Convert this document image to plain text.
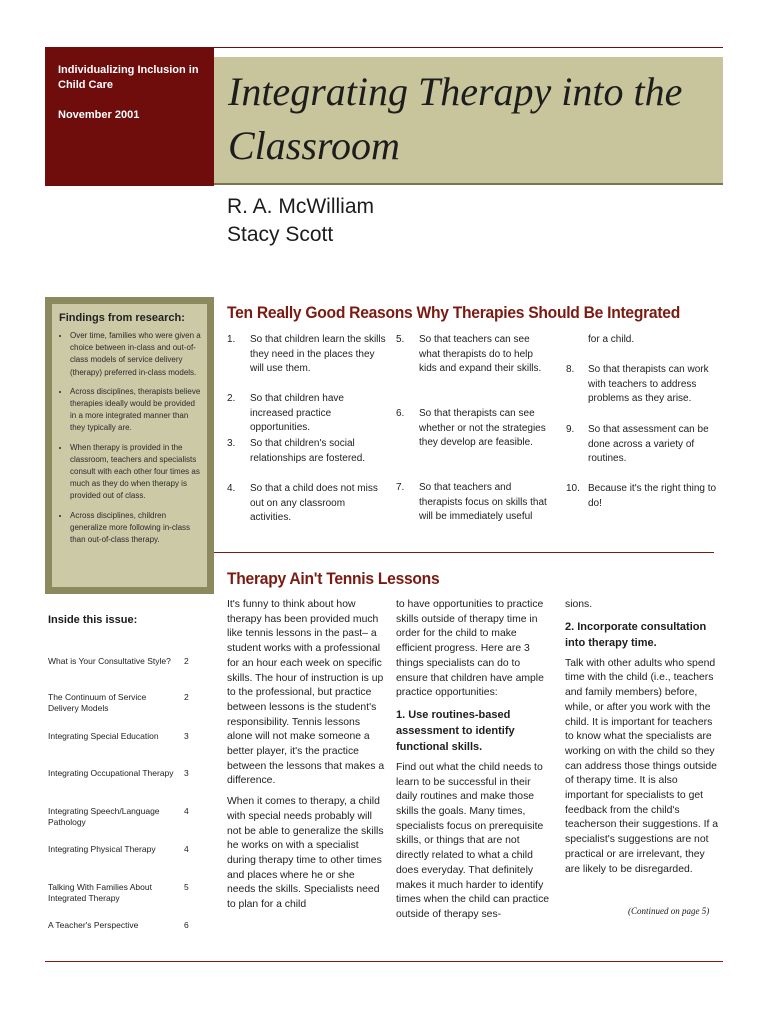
Individualizing Inclusion in Child Care
November 2001
Integrating Therapy into the
Classroom
R. A. McWilliam
Stacy Scott
Findings from research:
• Over time, families who were given a choice between in-class and out-of-class models of service delivery (therapy) preferred in-class models.
• Across disciplines, therapists believe therapies ideally would be provided in a more integrated manner than they typically are.
• When therapy is provided in the classroom, teachers and specialists consult with each other four times as much as they do when therapy is provided out of class.
• Across disciplines, children generalize more following in-class than out-of-class therapy.
Inside this issue:
What is Your Consultative Style? 2
The Continuum of Service Delivery Models
2
Integrating Special Education	3
Integrating Occupational Therapy 3
Integrating Speech/Language Pathology
4
Integrating Physical Therapy	4
Talking With Families About Integrated Therapy
5
A Teacher's Perspective	6
Ten Really Good Reasons Why Therapies Should Be Integrated
1. So that children learn the skills they need in the places they will use them.
2. So that children have increased practice opportunities.
3. So that children's social relationships are fostered.
4. So that a child does not miss out on any classroom activities.
5. So that teachers can see what therapists do to help kids and expand their skills.
6. So that therapists can see whether or not the strategies they develop are feasible.
7. So that teachers and therapists focus on skills that will be immediately useful
for a child.
8. So that therapists can work with teachers to address problems as they arise.
9. So that assessment can be done across a variety of routines.
10. Because it's the right thing to do!
Therapy Ain't Tennis Lessons

It's funny to think about how therapy has been provided much like tennis lessons in the past– a student works with a professional for an hour each week on specific skills. The hour of instruction is up to the professional, but practice between lessons is the student's responsibility. Tennis lessons alone will not make someone a better player, it's the practice between the lessons that makes a difference.

When it comes to therapy, a child with special needs probably will not be able to generalize the skills he works on with a specialist during therapy time to other times and places where he or she needs the skills. Specialists need to plan for a child

to have opportunities to practice skills outside of therapy time in order for the child to make efficient progress. Here are 3 things specialists can do to ensure that children have ample practice opportunities:

1. Use routines-based assessment to identify functional skills.

Find out what the child needs to learn to be successful in their daily routines and make those skills the goals. Many times, specialists focus on prerequisite skills, or things that are not directly related to what a child does everyday. That definitely makes it much harder to identify times when the child can practice outside of therapy ses-

sions.

2. Incorporate consultation into therapy time.

Talk with other adults who spend time with the child (i.e., teachers and family members) before, while, or after you work with the child. It is important for teachers to know what the specialists are working on with the child so they can address those things outside of therapy time. It is also important for specialists to get feedback from the child's teacherson their suggestions. If a specialist's suggestions are not practical or are irrelevant, they are likely to be disregarded.

(Continued on page 5)
